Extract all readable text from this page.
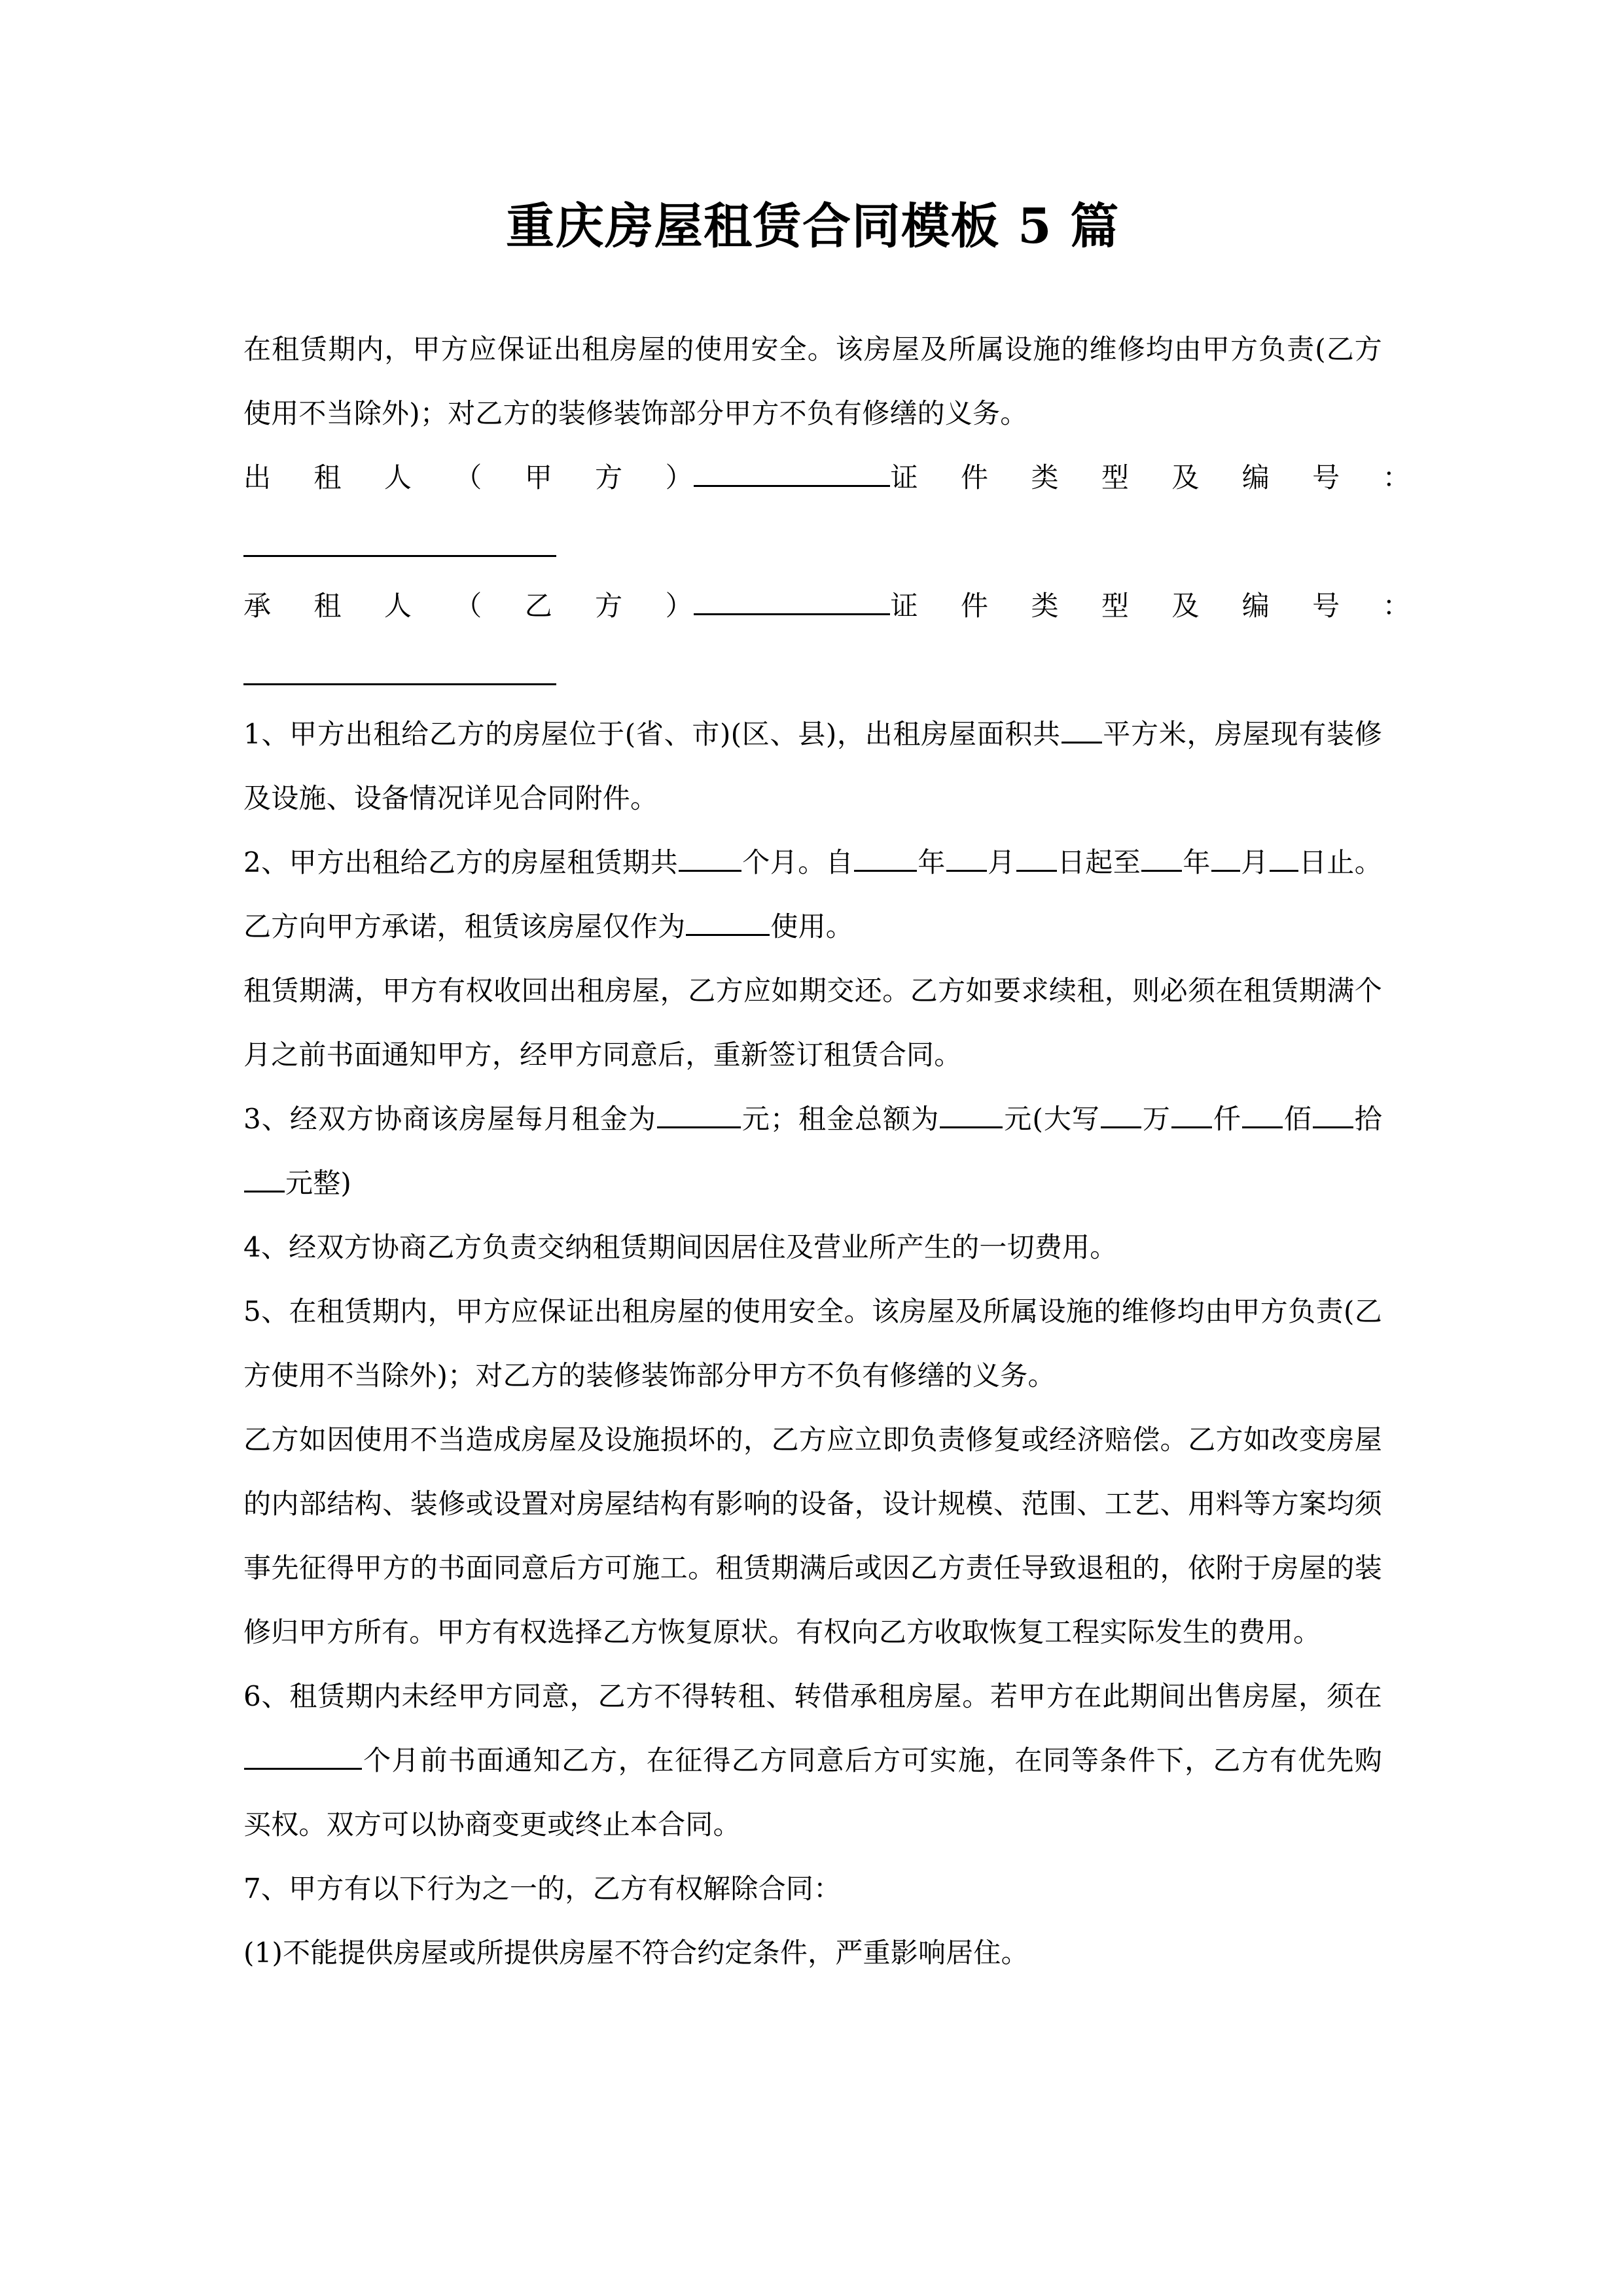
重庆房屋租赁合同模板 5 篇

在租赁期内，甲方应保证出租房屋的使用安全。该房屋及所属设施的维修均由甲方负责(乙方使用不当除外)；对乙方的装修装饰部分甲方不负有修缮的义务。

出 租 人 （ 甲 方 ）	证 件 类 型 及 编 号 ：
承 租 人 （ 乙 方 ）	证 件 类 型 及 编 号 ：

1、甲方出租给乙方的房屋位于(省、市)(区、县)，出租房屋面积共 平方米，房屋现有装修及设施、设备情况详见合同附件。

2、甲方出租给乙方的房屋租赁期共 个月。自 年 月 日起至 年 月 日止。乙方向甲方承诺，租赁该房屋仅作为	使用。

租赁期满，甲方有权收回出租房屋，乙方应如期交还。乙方如要求续租，则必须在租赁期满个月之前书面通知甲方，经甲方同意后，重新签订租赁合同。

3、经双方协商该房屋每月租金为	元；租金总额为 元(大写 万 仟 佰 拾元整)

4、经双方协商乙方负责交纳租赁期间因居住及营业所产生的一切费用。

5、在租赁期内，甲方应保证出租房屋的使用安全。该房屋及所属设施的维修均由甲方负责(乙方使用不当除外)；对乙方的装修装饰部分甲方不负有修缮的义务。

乙方如因使用不当造成房屋及设施损坏的，乙方应立即负责修复或经济赔偿。乙方如改变房屋的内部结构、装修或设置对房屋结构有影响的设备，设计规模、范围、工艺、用料等方案均须事先征得甲方的书面同意后方可施工。租赁期满后或因乙方责任导致退租的，依附于房屋的装修归甲方所有。甲方有权选择乙方恢复原状。有权向乙方收取恢复工程实际发生的费用。

6、租赁期内未经甲方同意，乙方不得转租、转借承租房屋。若甲方在此期间出售房屋，须在个月前书面通知乙方，在征得乙方同意后方可实施，在同等条件下，乙方有优先购买权。双方可以协商变更或终止本合同。

7、甲方有以下行为之一的，乙方有权解除合同：

(1)不能提供房屋或所提供房屋不符合约定条件，严重影响居住。
